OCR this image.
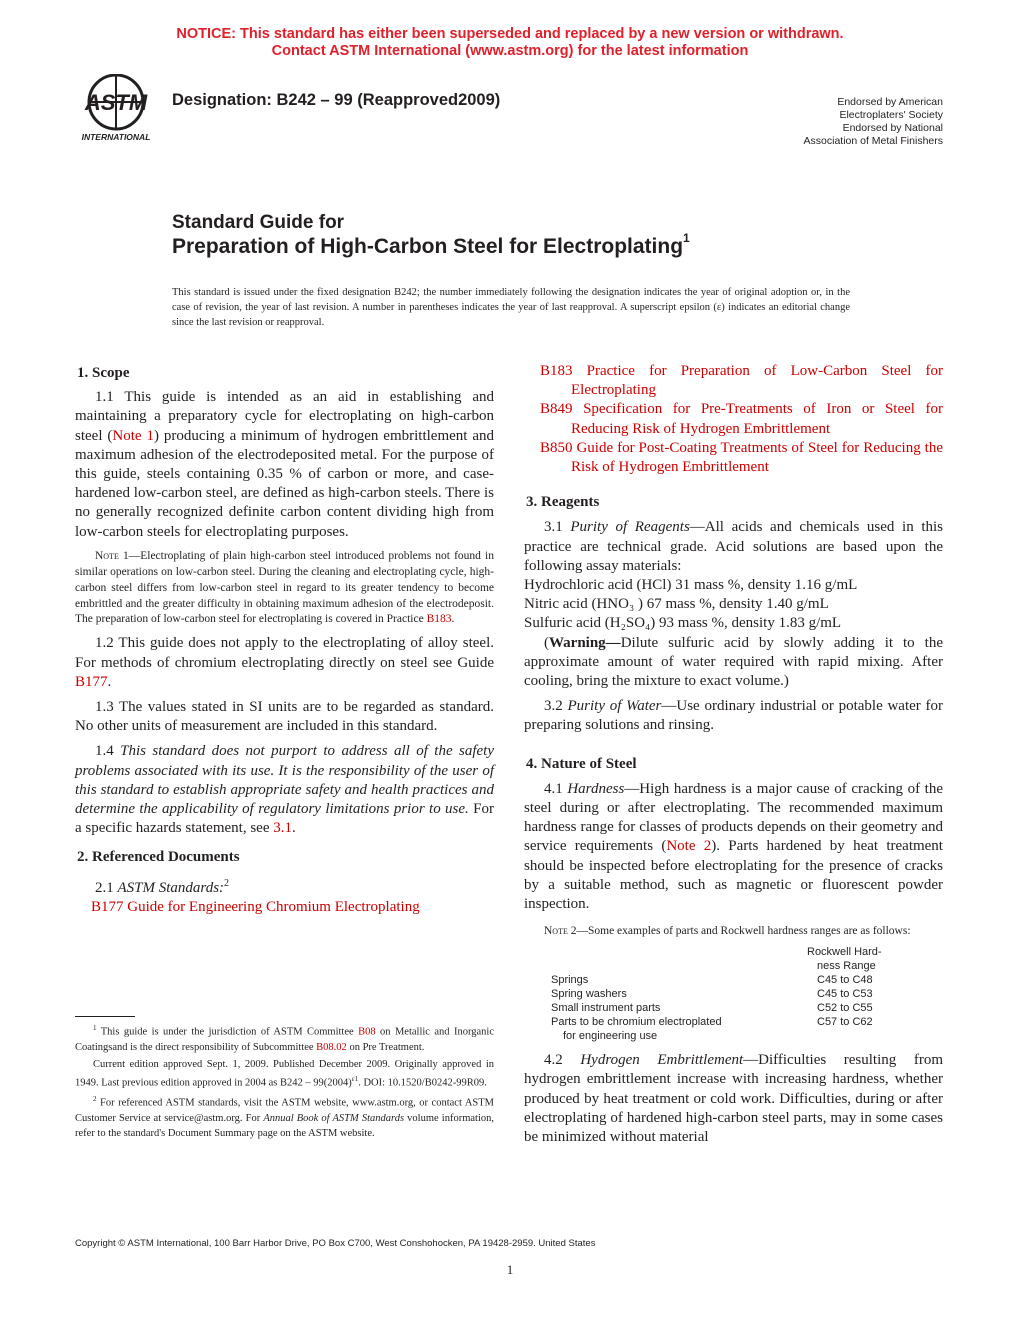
NOTICE: This standard has either been superseded and replaced by a new version or withdrawn.
Contact ASTM International (www.astm.org) for the latest information
ASTM
INTERNATIONAL
Designation: B242 – 99 (Reapproved2009)	Endorsed by American
Electroplaters' Society
Endorsed by National
Association of Metal Finishers
Standard Guide for
Preparation of High-Carbon Steel for Electroplating$^1$
This standard is issued under the fixed designation B242; the number immediately following the designation indicates the year of original adoption or, in the case of revision, the year of last revision. A number in parentheses indicates the year of last reapproval. A superscript epsilon (ε) indicates an editorial change since the last revision or reapproval.
1. Scope

1.1 This guide is intended as an aid in establishing and maintaining a preparatory cycle for electroplating on high-carbon steel (Note 1) producing a minimum of hydrogen embrittlement and maximum adhesion of the electrodeposited metal. For the purpose of this guide, steels containing 0.35 % of carbon or more, and case-hardened low-carbon steel, are defined as high-carbon steels. There is no generally recognized definite carbon content dividing high from low-carbon steels for electroplating purposes.

Note 1—Electroplating of plain high-carbon steel introduced problems not found in similar operations on low-carbon steel. During the cleaning and electroplating cycle, high-carbon steel differs from low-carbon steel in regard to its greater tendency to become embrittled and the greater difficulty in obtaining maximum adhesion of the electrodeposit. The preparation of low-carbon steel for electroplating is covered in Practice B183.

1.2 This guide does not apply to the electroplating of alloy steel. For methods of chromium electroplating directly on steel see Guide B177.

1.3 The values stated in SI units are to be regarded as standard. No other units of measurement are included in this standard.

1.4 This standard does not purport to address all of the safety problems associated with its use. It is the responsibility of the user of this standard to establish appropriate safety and health practices and determine the applicability of regulatory limitations prior to use. For a specific hazards statement, see 3.1.

2. Referenced Documents

2.1 ASTM Standards:$^2$

B177 Guide for Engineering Chromium Electroplating

$^1$ This guide is under the jurisdiction of ASTM Committee B08 on Metallic and Inorganic Coatingsand is the direct responsibility of Subcommittee B08.02 on Pre Treatment.

Current edition approved Sept. 1, 2009. Published December 2009. Originally approved in 1949. Last previous edition approved in 2004 as $B242 - 99(2004)^{\varepsilon 1}$. DOI: 10.1520/B0242-99R09.

$^2$ For referenced ASTM standards, visit the ASTM website, www.astm.org, or contact ASTM Customer Service at service@astm.org. For Annual Book of ASTM Standards volume information, refer to the standard's Document Summary page on the ASTM website.

B183 Practice for Preparation of Low-Carbon Steel for Electroplating
B849 Specification for Pre-Treatments of Iron or Steel for Reducing Risk of Hydrogen Embrittlement
B850 Guide for Post-Coating Treatments of Steel for Reducing the Risk of Hydrogen Embrittlement
3. Reagents

3.1 Purity of Reagents—All acids and chemicals used in this practice are technical grade. Acid solutions are based upon the following assay materials:

Hydrochloric acid (HCl) 31 mass %, density 1.16 g/mL
Nitric acid (HNO₃ ) 67 mass %, density 1.40 g/mL
Sulfuric acid (H₂SO₄) 93 mass %, density 1.83 g/mL

(Warning—Dilute sulfuric acid by slowly adding it to the approximate amount of water required with rapid mixing. After cooling, bring the mixture to exact volume.)

3.2 Purity of Water—Use ordinary industrial or potable water for preparing solutions and rinsing.

4. Nature of Steel

4.1 Hardness—High hardness is a major cause of cracking of the steel during or after electroplating. The recommended maximum hardness range for classes of products depends on their geometry and service requirements (Note 2). Parts hardened by heat treatment should be inspected before electroplating for the presence of cracks by a suitable method, such as magnetic or fluorescent powder inspection.

Note 2—Some examples of parts and Rockwell hardness ranges are as follows:

	Rockwell Hard-
ness Range

Springs	C45 to C48
Spring washers	C45 to C53
Small instrument parts	C52 to C55
Parts to be chromium electroplated	C57 to C62
for engineering use	

4.2 Hydrogen Embrittlement—Difficulties resulting from hydrogen embrittlement increase with increasing hardness, whether produced by heat treatment or cold work. Difficulties, during or after electroplating of hardened high-carbon steel parts, may in some cases be minimized without material

Copyright © ASTM International, 100 Barr Harbor Drive, PO Box C700, West Conshohocken, PA 19428-2959. United States
1
